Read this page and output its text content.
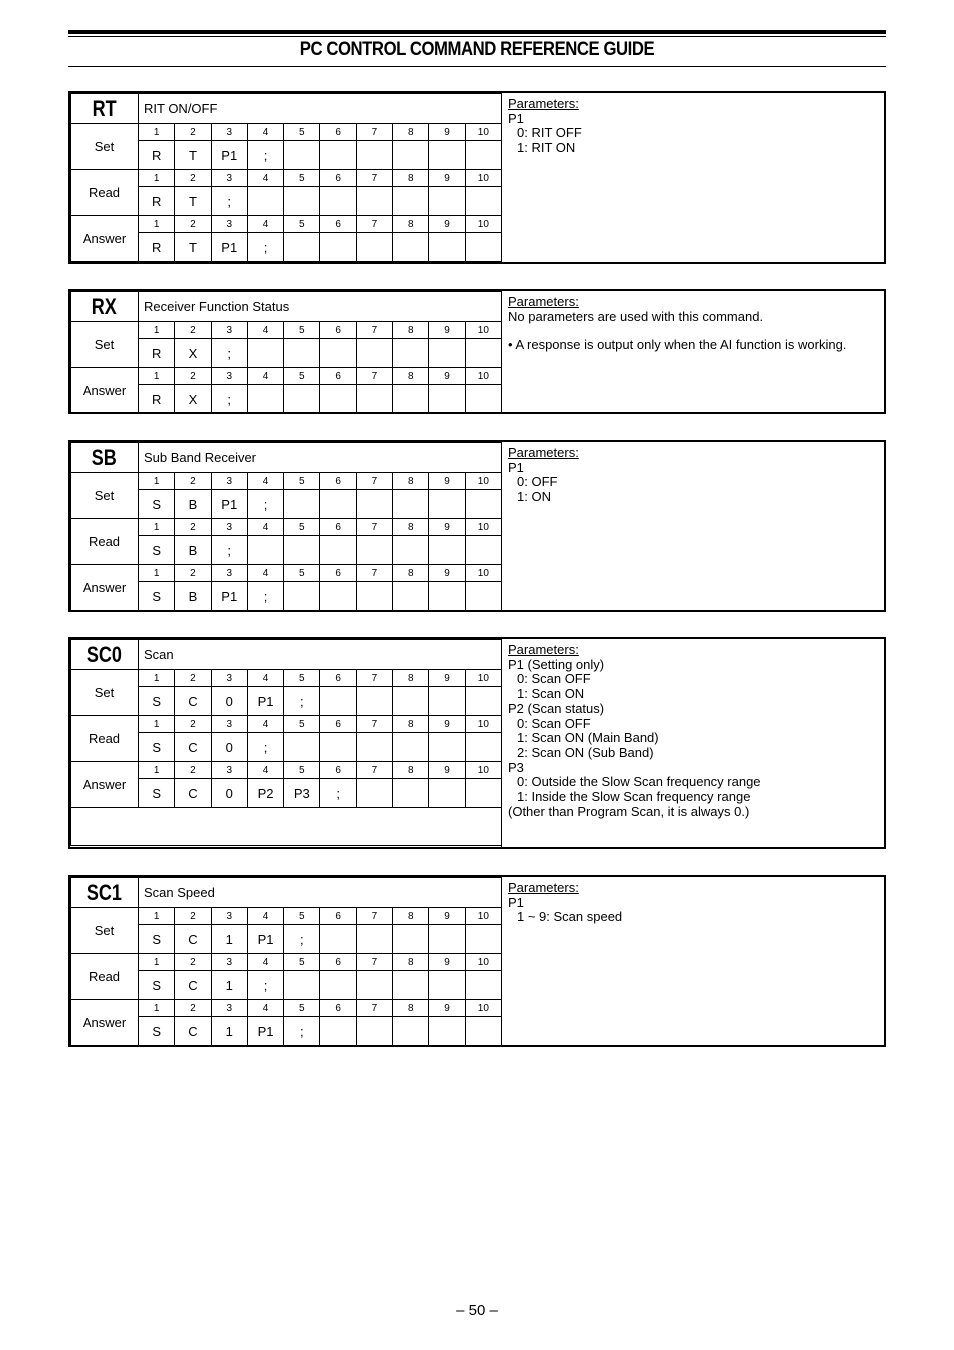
PC CONTROL COMMAND REFERENCE GUIDE
RT	RIT ON/OFF									
Set	1	2	3	4	5	6	7	8	9	10
	R	T	P1	;						
Read	1	2	3	4	5	6	7	8	9	10
	R	T	;							
Answer	1	2	3	4	5	6	7	8	9	10
	R	T	P1	;						
Parameters:
P1
0: RIT OFF
1: RIT ON
RX	Receiver Function Status									
Set	1	2	3	4	5	6	7	8	9	10
	R	X	;							
Answer	1	2	3	4	5	6	7	8	9	10
	R	X	;							
Parameters:
No parameters are used with this command.
• A response is output only when the AI function is working.
SB	Sub Band Receiver									
Set	1	2	3	4	5	6	7	8	9	10
	S	B	P1	;						
Read	1	2	3	4	5	6	7	8	9	10
	S	B	;							
Answer	1	2	3	4	5	6	7	8	9	10
	S	B	P1	;						
Parameters:
P1
0: OFF
1: ON
SC0	Scan									
Set	1	2	3	4	5	6	7	8	9	10
	S	C	0	P1	;					
Read	1	2	3	4	5	6	7	8	9	10
	S	C	0	;						
Answer	1	2	3	4	5	6	7	8	9	10
	S	C	0	P2	P3	;				

Parameters:
P1 (Setting only)
0: Scan OFF
1: Scan ON
P2 (Scan status)
0: Scan OFF
1: Scan ON (Main Band)
2: Scan ON (Sub Band)
P3
0: Outside the Slow Scan frequency range
1: Inside the Slow Scan frequency range
(Other than Program Scan, it is always 0.)
SC1	Scan Speed									
Set	1	2	3	4	5	6	7	8	9	10
	S	C	1	P1	;					
Read	1	2	3	4	5	6	7	8	9	10
	S	C	1	;						
Answer	1	2	3	4	5	6	7	8	9	10
	S	C	1	P1	;					
Parameters:
P1
1 ~ 9: Scan speed
– 50 –
